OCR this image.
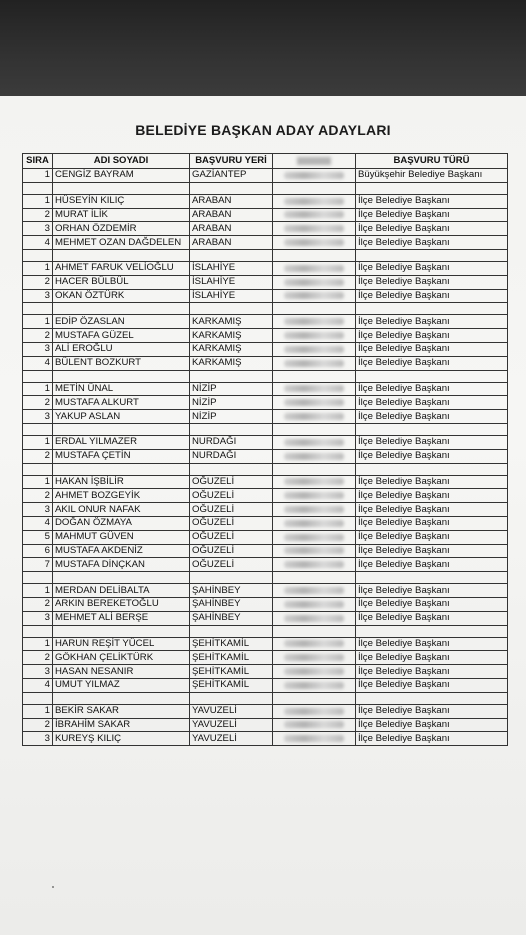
BELEDİYE BAŞKAN ADAY ADAYLARI
SIRA	ADI SOYADI	BAŞVURU YERİ		BAŞVURU TÜRÜ
1	CENGİZ BAYRAM	GAZİANTEP		Büyükşehir Belediye Başkanı

1	HÜSEYİN KILIÇ	ARABAN		İlçe Belediye Başkanı
2	MURAT İLİK	ARABAN		İlçe Belediye Başkanı
3	ORHAN ÖZDEMİR	ARABAN		İlçe Belediye Başkanı
4	MEHMET OZAN DAĞDELEN	ARABAN		İlçe Belediye Başkanı

1	AHMET FARUK VELİOĞLU	İSLAHİYE		İlçe Belediye Başkanı
2	HACER BÜLBÜL	İSLAHİYE		İlçe Belediye Başkanı
3	OKAN ÖZTÜRK	İSLAHİYE		İlçe Belediye Başkanı

1	EDİP ÖZASLAN	KARKAMIŞ		İlçe Belediye Başkanı
2	MUSTAFA GÜZEL	KARKAMIŞ		İlçe Belediye Başkanı
3	ALİ EROĞLU	KARKAMIŞ		İlçe Belediye Başkanı
4	BÜLENT BOZKURT	KARKAMIŞ		İlçe Belediye Başkanı

1	METİN ÜNAL	NİZİP		İlçe Belediye Başkanı
2	MUSTAFA ALKURT	NİZİP		İlçe Belediye Başkanı
3	YAKUP ASLAN	NİZİP		İlçe Belediye Başkanı

1	ERDAL YILMAZER	NURDAĞI		İlçe Belediye Başkanı
2	MUSTAFA ÇETİN	NURDAĞI		İlçe Belediye Başkanı

1	HAKAN İŞBİLİR	OĞUZELİ		İlçe Belediye Başkanı
2	AHMET BOZGEYİK	OĞUZELİ		İlçe Belediye Başkanı
3	AKIL ONUR NAFAK	OĞUZELİ		İlçe Belediye Başkanı
4	DOĞAN ÖZMAYA	OĞUZELİ		İlçe Belediye Başkanı
5	MAHMUT GÜVEN	OĞUZELİ		İlçe Belediye Başkanı
6	MUSTAFA AKDENİZ	OĞUZELİ		İlçe Belediye Başkanı
7	MUSTAFA DİNÇKAN	OĞUZELİ		İlçe Belediye Başkanı

1	MERDAN DELİBALTA	ŞAHİNBEY		İlçe Belediye Başkanı
2	ARKIN BEREKETOĞLU	ŞAHİNBEY		İlçe Belediye Başkanı
3	MEHMET ALİ BERŞE	ŞAHİNBEY		İlçe Belediye Başkanı

1	HARUN REŞİT YÜCEL	ŞEHİTKAMİL		İlçe Belediye Başkanı
2	GÖKHAN ÇELİKTÜRK	ŞEHİTKAMİL		İlçe Belediye Başkanı
3	HASAN NESANIR	ŞEHİTKAMİL		İlçe Belediye Başkanı
4	UMUT YILMAZ	ŞEHİTKAMİL		İlçe Belediye Başkanı

1	BEKİR SAKAR	YAVUZELİ		İlçe Belediye Başkanı
2	İBRAHİM SAKAR	YAVUZELİ		İlçe Belediye Başkanı
3	KUREYŞ KILIÇ	YAVUZELİ		İlçe Belediye Başkanı
